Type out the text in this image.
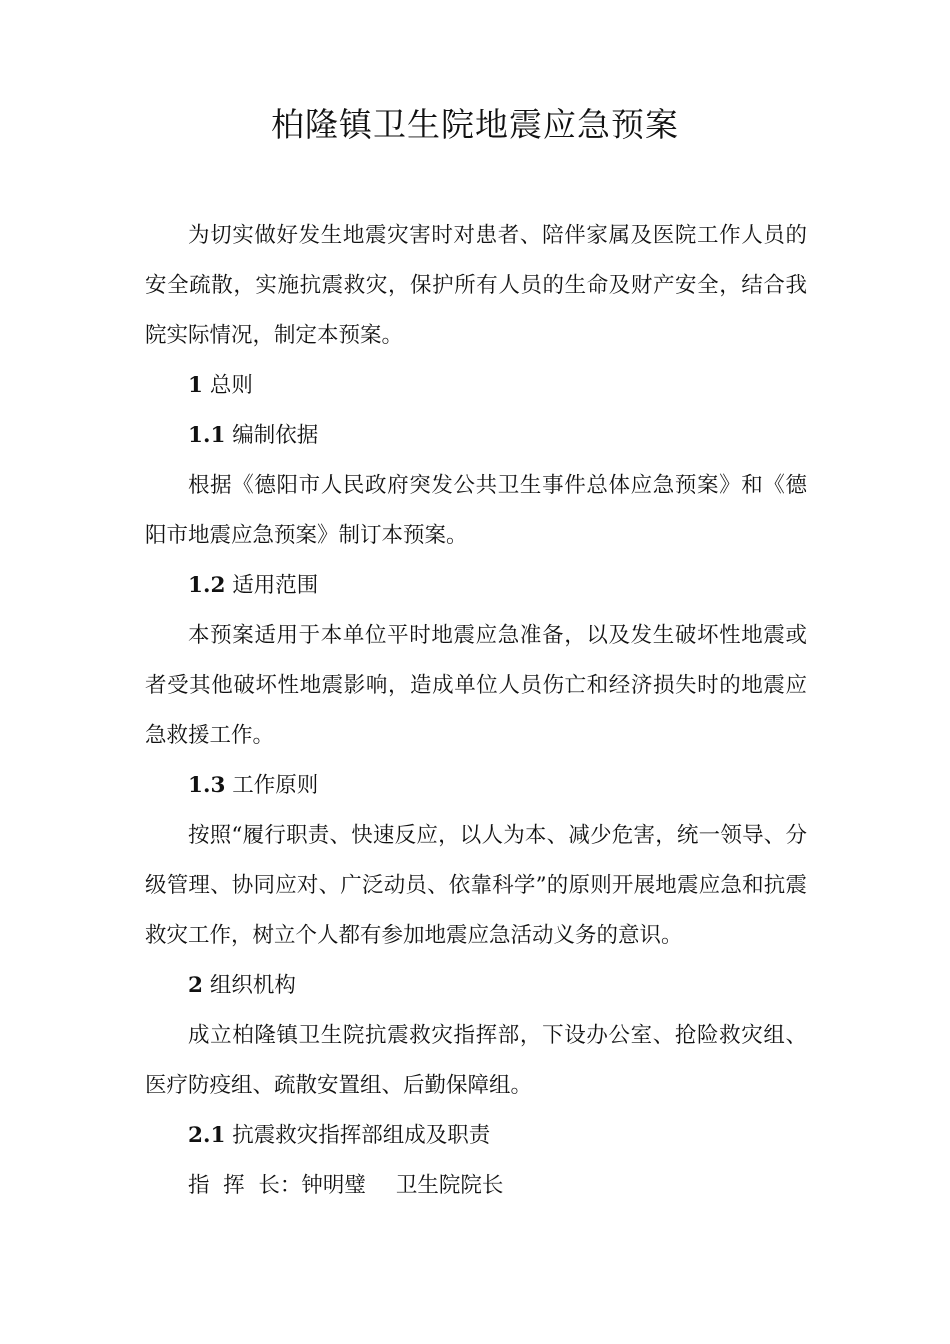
柏隆镇卫生院地震应急预案

为切实做好发生地震灾害时对患者、陪伴家属及医院工作人员的安全疏散，实施抗震救灾，保护所有人员的生命及财产安全，结合我院实际情况，制定本预案。

1 总则

1.1 编制依据

根据《德阳市人民政府突发公共卫生事件总体应急预案》和《德阳市地震应急预案》制订本预案。

1.2 适用范围

本预案适用于本单位平时地震应急准备，以及发生破坏性地震或者受其他破坏性地震影响，造成单位人员伤亡和经济损失时的地震应急救援工作。

1.3 工作原则

按照“履行职责、快速反应，以人为本、减少危害，统一领导、分级管理、协同应对、广泛动员、依靠科学”的原则开展地震应急和抗震救灾工作，树立个人都有参加地震应急活动义务的意识。

2 组织机构

成立柏隆镇卫生院抗震救灾指挥部，下设办公室、抢险救灾组、医疗防疫组、疏散安置组、后勤保障组。

2.1 抗震救灾指挥部组成及职责

指  挥  长：钟明璧 卫生院院长
